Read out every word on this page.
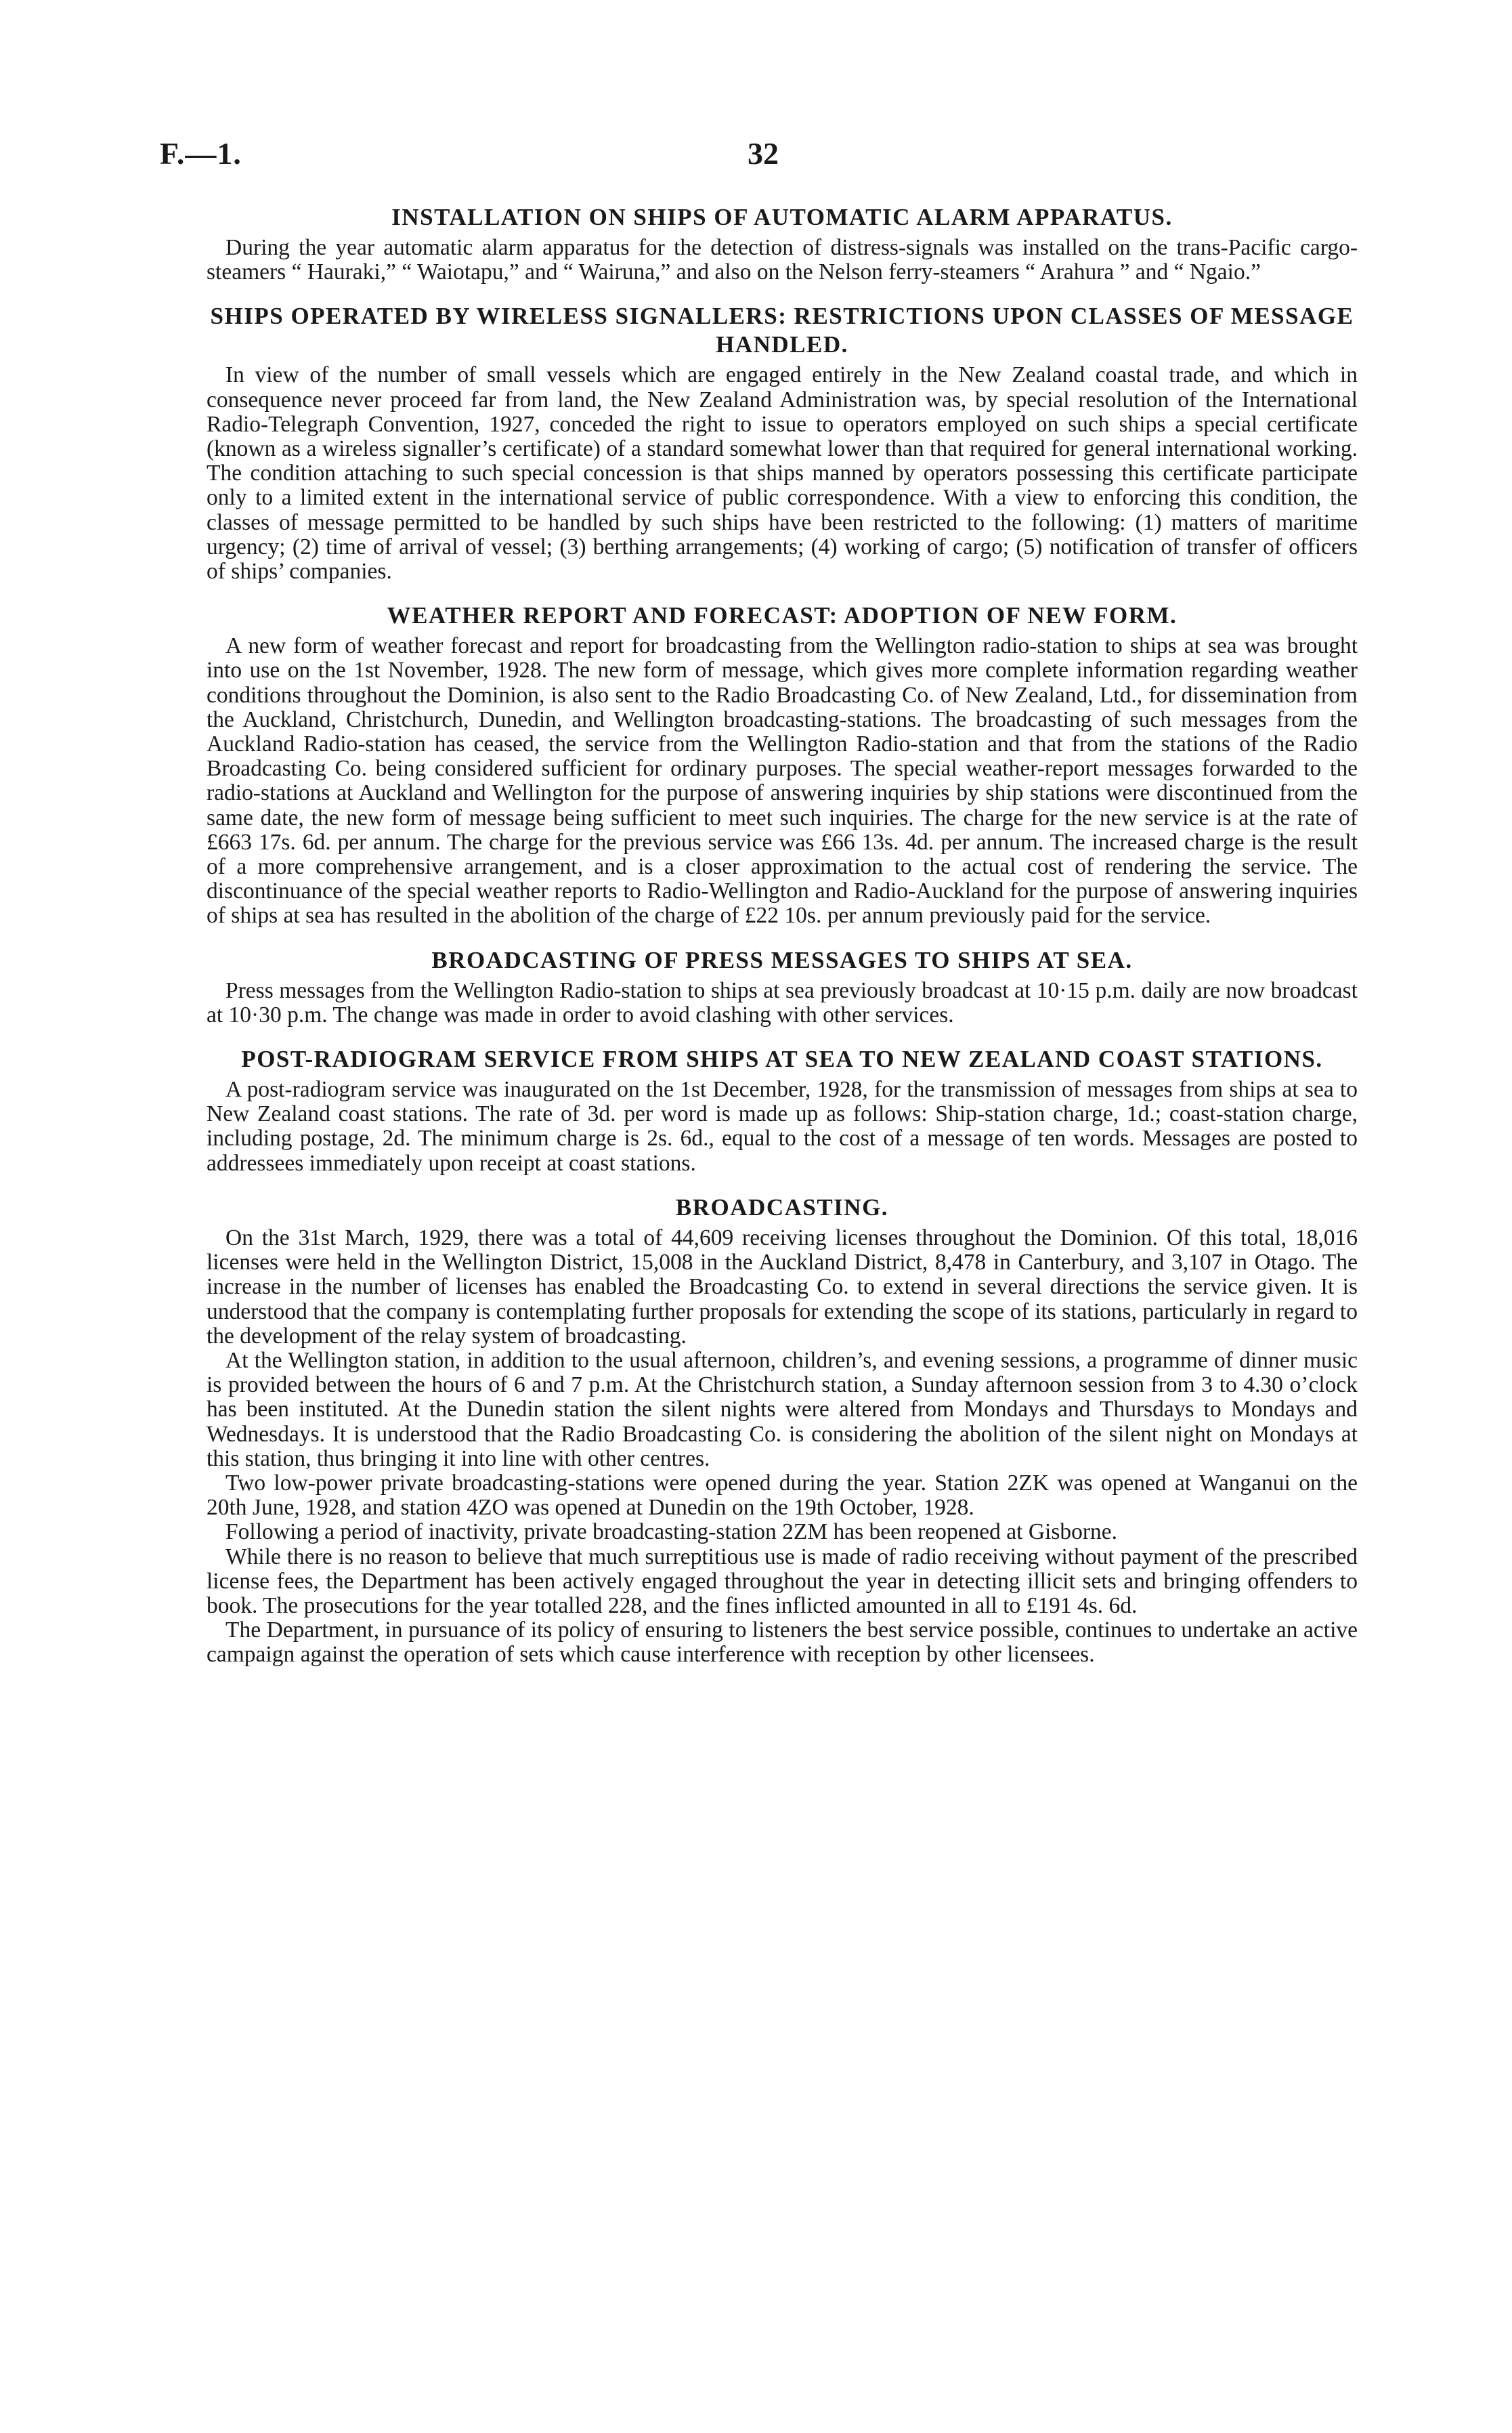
F.—1.	32
INSTALLATION ON SHIPS OF AUTOMATIC ALARM APPARATUS.

During the year automatic alarm apparatus for the detection of distress-signals was installed on the trans-Pacific cargo-steamers “ Hauraki,” “ Waiotapu,” and “ Wairuna,” and also on the Nelson ferry-steamers “ Arahura ” and “ Ngaio.”

SHIPS OPERATED BY WIRELESS SIGNALLERS: RESTRICTIONS UPON CLASSES OF MESSAGE HANDLED.

In view of the number of small vessels which are engaged entirely in the New Zealand coastal trade, and which in consequence never proceed far from land, the New Zealand Administration was, by special resolution of the International Radio-Telegraph Convention, 1927, conceded the right to issue to operators employed on such ships a special certificate (known as a wireless signaller’s certificate) of a standard somewhat lower than that required for general international working. The condition attaching to such special concession is that ships manned by operators possessing this certificate participate only to a limited extent in the international service of public correspondence. With a view to enforcing this condition, the classes of message permitted to be handled by such ships have been restricted to the following: (1) matters of maritime urgency; (2) time of arrival of vessel; (3) berthing arrangements; (4) working of cargo; (5) notification of transfer of officers of ships’ companies.

WEATHER REPORT AND FORECAST: ADOPTION OF NEW FORM.

A new form of weather forecast and report for broadcasting from the Wellington radio-station to ships at sea was brought into use on the 1st November, 1928. The new form of message, which gives more complete information regarding weather conditions throughout the Dominion, is also sent to the Radio Broadcasting Co. of New Zealand, Ltd., for dissemination from the Auckland, Christchurch, Dunedin, and Wellington broadcasting-stations. The broadcasting of such messages from the Auckland Radio-station has ceased, the service from the Wellington Radio-station and that from the stations of the Radio Broadcasting Co. being considered sufficient for ordinary purposes. The special weather-report messages forwarded to the radio-stations at Auckland and Wellington for the purpose of answering inquiries by ship stations were discontinued from the same date, the new form of message being sufficient to meet such inquiries. The charge for the new service is at the rate of £663 17s. 6d. per annum. The charge for the previous service was £66 13s. 4d. per annum. The increased charge is the result of a more comprehensive arrangement, and is a closer approximation to the actual cost of rendering the service. The discontinuance of the special weather reports to Radio-Wellington and Radio-Auckland for the purpose of answering inquiries of ships at sea has resulted in the abolition of the charge of £22 10s. per annum previously paid for the service.

BROADCASTING OF PRESS MESSAGES TO SHIPS AT SEA.

Press messages from the Wellington Radio-station to ships at sea previously broadcast at 10·15 p.m. daily are now broadcast at 10·30 p.m. The change was made in order to avoid clashing with other services.

POST-RADIOGRAM SERVICE FROM SHIPS AT SEA TO NEW ZEALAND COAST STATIONS.

A post-radiogram service was inaugurated on the 1st December, 1928, for the transmission of messages from ships at sea to New Zealand coast stations. The rate of 3d. per word is made up as follows: Ship-station charge, 1d.; coast-station charge, including postage, 2d. The minimum charge is 2s. 6d., equal to the cost of a message of ten words. Messages are posted to addressees immediately upon receipt at coast stations.

BROADCASTING.

On the 31st March, 1929, there was a total of 44,609 receiving licenses throughout the Dominion. Of this total, 18,016 licenses were held in the Wellington District, 15,008 in the Auckland District, 8,478 in Canterbury, and 3,107 in Otago. The increase in the number of licenses has enabled the Broadcasting Co. to extend in several directions the service given. It is understood that the company is contemplating further proposals for extending the scope of its stations, particularly in regard to the development of the relay system of broadcasting.

At the Wellington station, in addition to the usual afternoon, children’s, and evening sessions, a programme of dinner music is provided between the hours of 6 and 7 p.m. At the Christchurch station, a Sunday afternoon session from 3 to 4.30 o’clock has been instituted. At the Dunedin station the silent nights were altered from Mondays and Thursdays to Mondays and Wednesdays. It is understood that the Radio Broadcasting Co. is considering the abolition of the silent night on Mondays at this station, thus bringing it into line with other centres.

Two low-power private broadcasting-stations were opened during the year. Station 2ZK was opened at Wanganui on the 20th June, 1928, and station 4ZO was opened at Dunedin on the 19th October, 1928.

Following a period of inactivity, private broadcasting-station 2ZM has been reopened at Gisborne.

While there is no reason to believe that much surreptitious use is made of radio receiving without payment of the prescribed license fees, the Department has been actively engaged throughout the year in detecting illicit sets and bringing offenders to book. The prosecutions for the year totalled 228, and the fines inflicted amounted in all to £191 4s. 6d.

The Department, in pursuance of its policy of ensuring to listeners the best service possible, continues to undertake an active campaign against the operation of sets which cause interference with reception by other licensees.
